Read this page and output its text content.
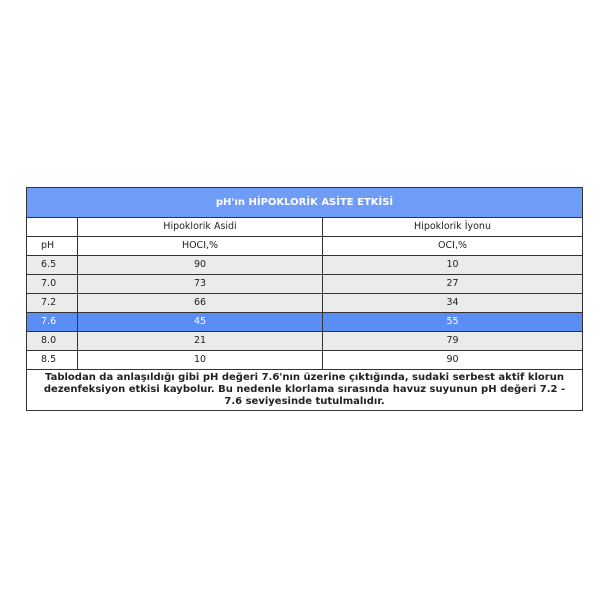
pH'ın HİPOKLORİK ASİTE ETKİSİ		
	Hipoklorik Asidi	Hipoklorik İyonu
pH	HOCI,%	OCI,%
6.5	90	10
7.0	73	27
7.2	66	34
7.6	45	55
8.0	21	79
8.5	10	90
Tablodan da anlaşıldığı gibi pH değeri 7.6'nın üzerine çıktığında, sudaki serbest aktif klorun dezenfeksiyon etkisi kaybolur. Bu nedenle klorlama sırasında havuz suyunun pH değeri 7.2 - 7.6 seviyesinde tutulmalıdır.		
